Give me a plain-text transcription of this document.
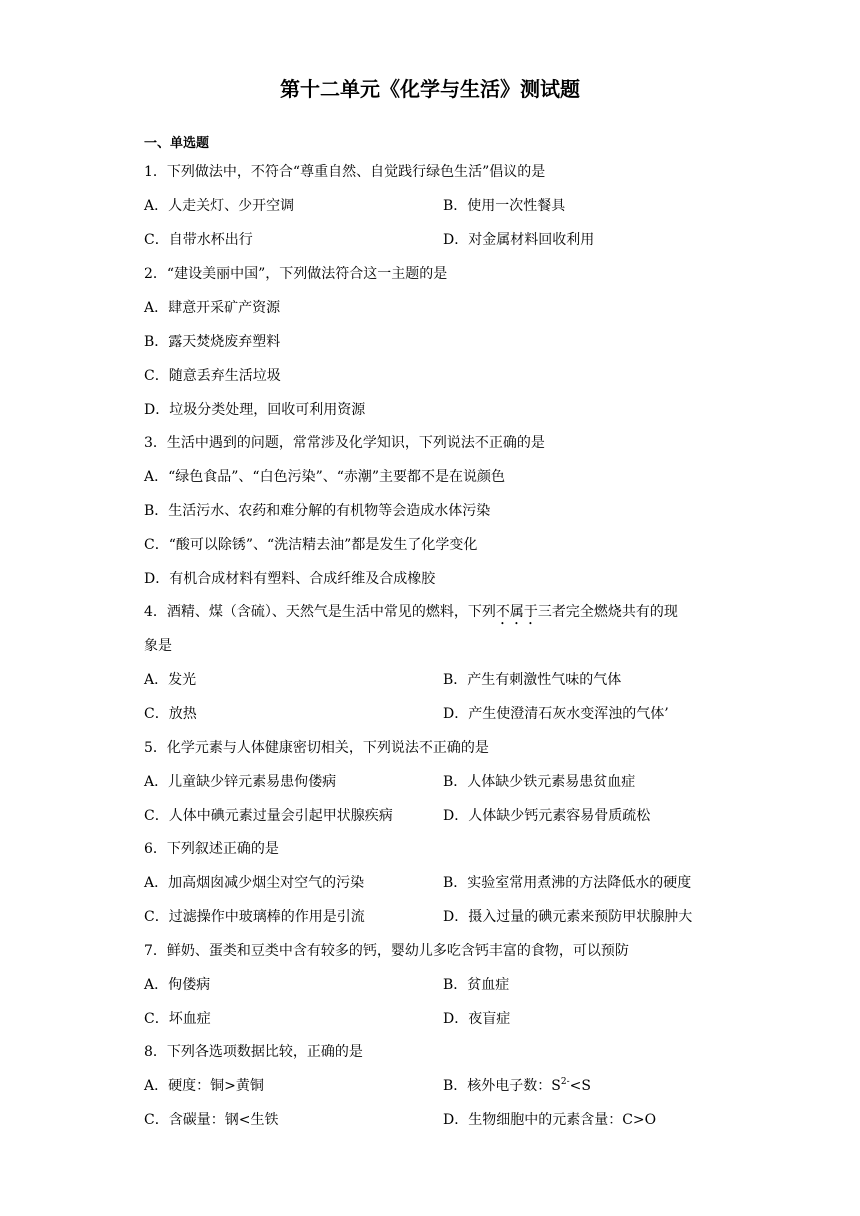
第十二单元《化学与生活》测试题
一、单选题
1．下列做法中，不符合“尊重自然、自觉践行绿色生活”倡议的是
A．人走关灯、少开空调	B．使用一次性餐具
C．自带水杯出行	D．对金属材料回收利用
2．“建设美丽中国”，下列做法符合这一主题的是
A．肆意开采矿产资源
B．露天焚烧废弃塑料
C．随意丢弃生活垃圾
D．垃圾分类处理，回收可利用资源
3．生活中遇到的问题，常常涉及化学知识，下列说法不正确的是
A．“绿色食品”、“白色污染”、“赤潮”主要都不是在说颜色
B．生活污水、农药和难分解的有机物等会造成水体污染
C．“酸可以除锈”、“洗洁精去油”都是发生了化学变化
D．有机合成材料有塑料、合成纤维及合成橡胶
4．酒精、煤（含硫）、天然气是生活中常见的燃料，下列不属于三者完全燃烧共有的现
象是
A．发光	B．产生有刺激性气味的气体
C．放热	D．产生使澄清石灰水变浑浊的气体’
5．化学元素与人体健康密切相关，下列说法不正确的是
A．儿童缺少锌元素易患佝偻病	B．人体缺少铁元素易患贫血症
C．人体中碘元素过量会引起甲状腺疾病	D．人体缺少钙元素容易骨质疏松
6．下列叙述正确的是
A．加高烟囱减少烟尘对空气的污染	B．实验室常用煮沸的方法降低水的硬度
C．过滤操作中玻璃棒的作用是引流	D．摄入过量的碘元素来预防甲状腺肿大
7．鲜奶、蛋类和豆类中含有较多的钙，婴幼儿多吃含钙丰富的食物，可以预防
A．佝偻病	B．贫血症
C．坏血症	D．夜盲症
8．下列各选项数据比较，正确的是
A．硬度：铜>黄铜	B．核外电子数：$S^{2-}<S$
C．含碳量：钢<生铁	D．生物细胞中的元素含量：C>O
